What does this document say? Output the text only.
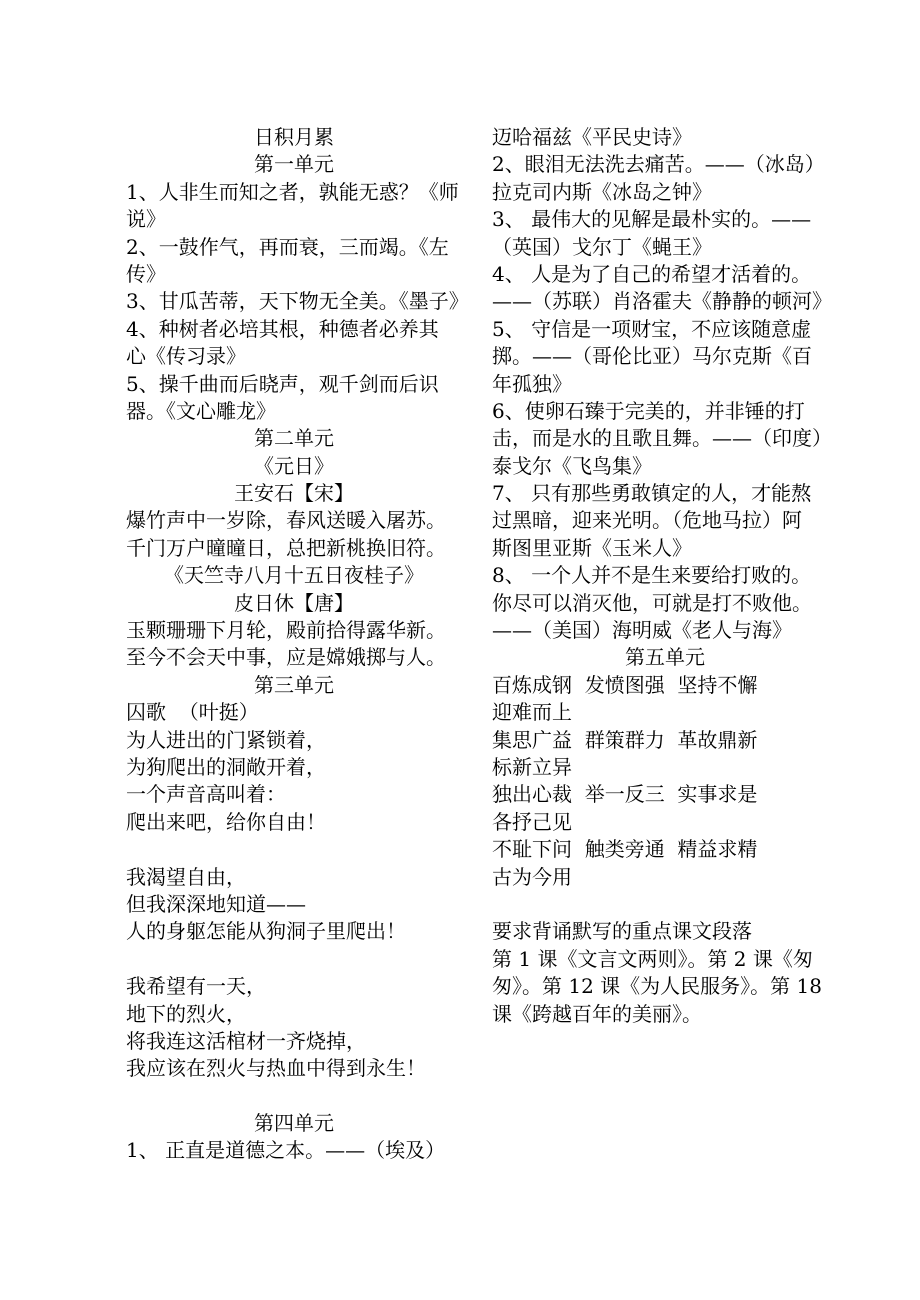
日积月累
第一单元
1、人非生而知之者，孰能无惑？《师
说》
2、一鼓作气，再而衰，三而竭。《左
传》
3、甘瓜苦蒂，天下物无全美。《墨子》
4、种树者必培其根，种德者必养其
心《传习录》
5、操千曲而后晓声，观千剑而后识
器。《文心雕龙》
第二单元
《元日》
王安石【宋】
爆竹声中一岁除，春风送暖入屠苏。
千门万户曈曈日，总把新桃换旧符。
《天竺寺八月十五日夜桂子》
皮日休【唐】
玉颗珊珊下月轮，殿前拾得露华新。
至今不会天中事，应是嫦娥掷与人。
第三单元
囚歌  （叶挺）
为人进出的门紧锁着，
为狗爬出的洞敞开着，
一个声音高叫着：
爬出来吧，给你自由！
我渴望自由，
但我深深地知道——
人的身躯怎能从狗洞子里爬出！
我希望有一天，
地下的烈火，
将我连这活棺材一齐烧掉，
我应该在烈火与热血中得到永生！
第四单元
1、 正直是道德之本。——（埃及）
迈哈福兹《平民史诗》
2、眼泪无法洗去痛苦。——（冰岛）
拉克司内斯《冰岛之钟》
3、 最伟大的见解是最朴实的。——
（英国）戈尔丁《蝇王》
4、 人是为了自己的希望才活着的。
——（苏联）肖洛霍夫《静静的顿河》
5、 守信是一项财宝，不应该随意虚
掷。——（哥伦比亚）马尔克斯《百
年孤独》
6、使卵石臻于完美的，并非锤的打
击，而是水的且歌且舞。——（印度）
泰戈尔《飞鸟集》
7、 只有那些勇敢镇定的人，才能熬
过黑暗，迎来光明。（危地马拉）阿
斯图里亚斯《玉米人》
8、 一个人并不是生来要给打败的。
你尽可以消灭他，可就是打不败他。
——（美国）海明威《老人与海》
第五单元
百炼成钢  发愤图强  坚持不懈
迎难而上
集思广益  群策群力  革故鼎新
标新立异
独出心裁  举一反三  实事求是
各抒己见
不耻下问  触类旁通  精益求精
古为今用
要求背诵默写的重点课文段落
第 1 课《文言文两则》。第 2 课《匆
匆》。第 12 课《为人民服务》。第 18
课《跨越百年的美丽》。
